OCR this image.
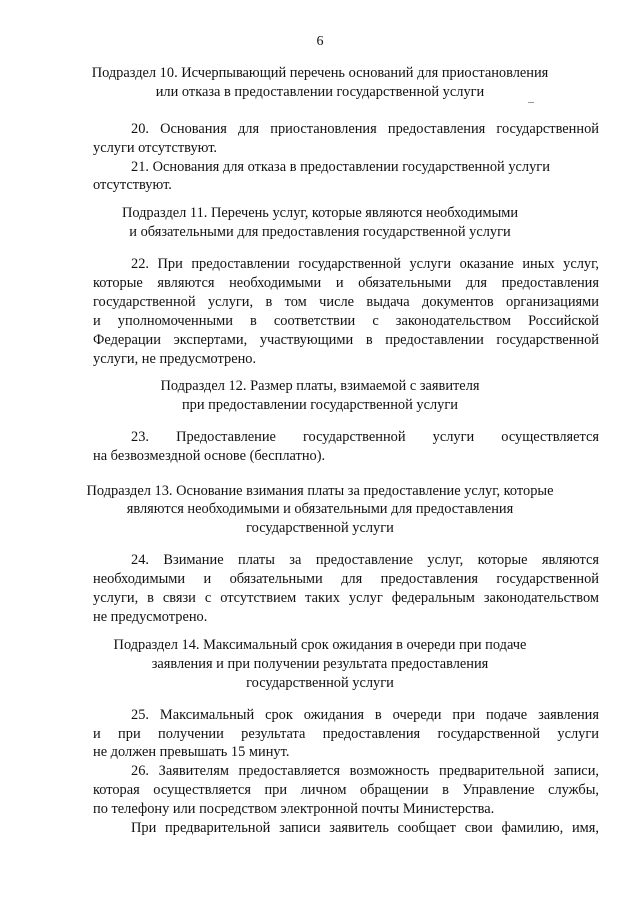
6
Подраздел 10. Исчерпывающий перечень оснований для приостановления
или отказа в предоставлении государственной услуги
20. Основания для приостановления предоставления государственной
услуги отсутствуют.
21. Основания для отказа в предоставлении государственной услуги
отсутствуют.
Подраздел 11. Перечень услуг, которые являются необходимыми
и обязательными для предоставления государственной услуги
22. При предоставлении государственной услуги оказание иных услуг,
которые являются необходимыми и обязательными для предоставления
государственной услуги, в том числе выдача документов организациями
и уполномоченными в соответствии с законодательством Российской
Федерации экспертами, участвующими в предоставлении государственной
услуги, не предусмотрено.
Подраздел 12. Размер платы, взимаемой с заявителя
при предоставлении государственной услуги
23. Предоставление государственной услуги осуществляется
на безвозмездной основе (бесплатно).
Подраздел 13. Основание взимания платы за предоставление услуг, которые
являются необходимыми и обязательными для предоставления
государственной услуги
24. Взимание платы за предоставление услуг, которые являются
необходимыми и обязательными для предоставления государственной
услуги, в связи с отсутствием таких услуг федеральным законодательством
не предусмотрено.
Подраздел 14. Максимальный срок ожидания в очереди при подаче
заявления и при получении результата предоставления
государственной услуги
25. Максимальный срок ожидания в очереди при подаче заявления
и при получении результата предоставления государственной услуги
не должен превышать 15 минут.
26. Заявителям предоставляется возможность предварительной записи,
которая осуществляется при личном обращении в Управление службы,
по телефону или посредством электронной почты Министерства.
При предварительной записи заявитель сообщает свои фамилию, имя,
